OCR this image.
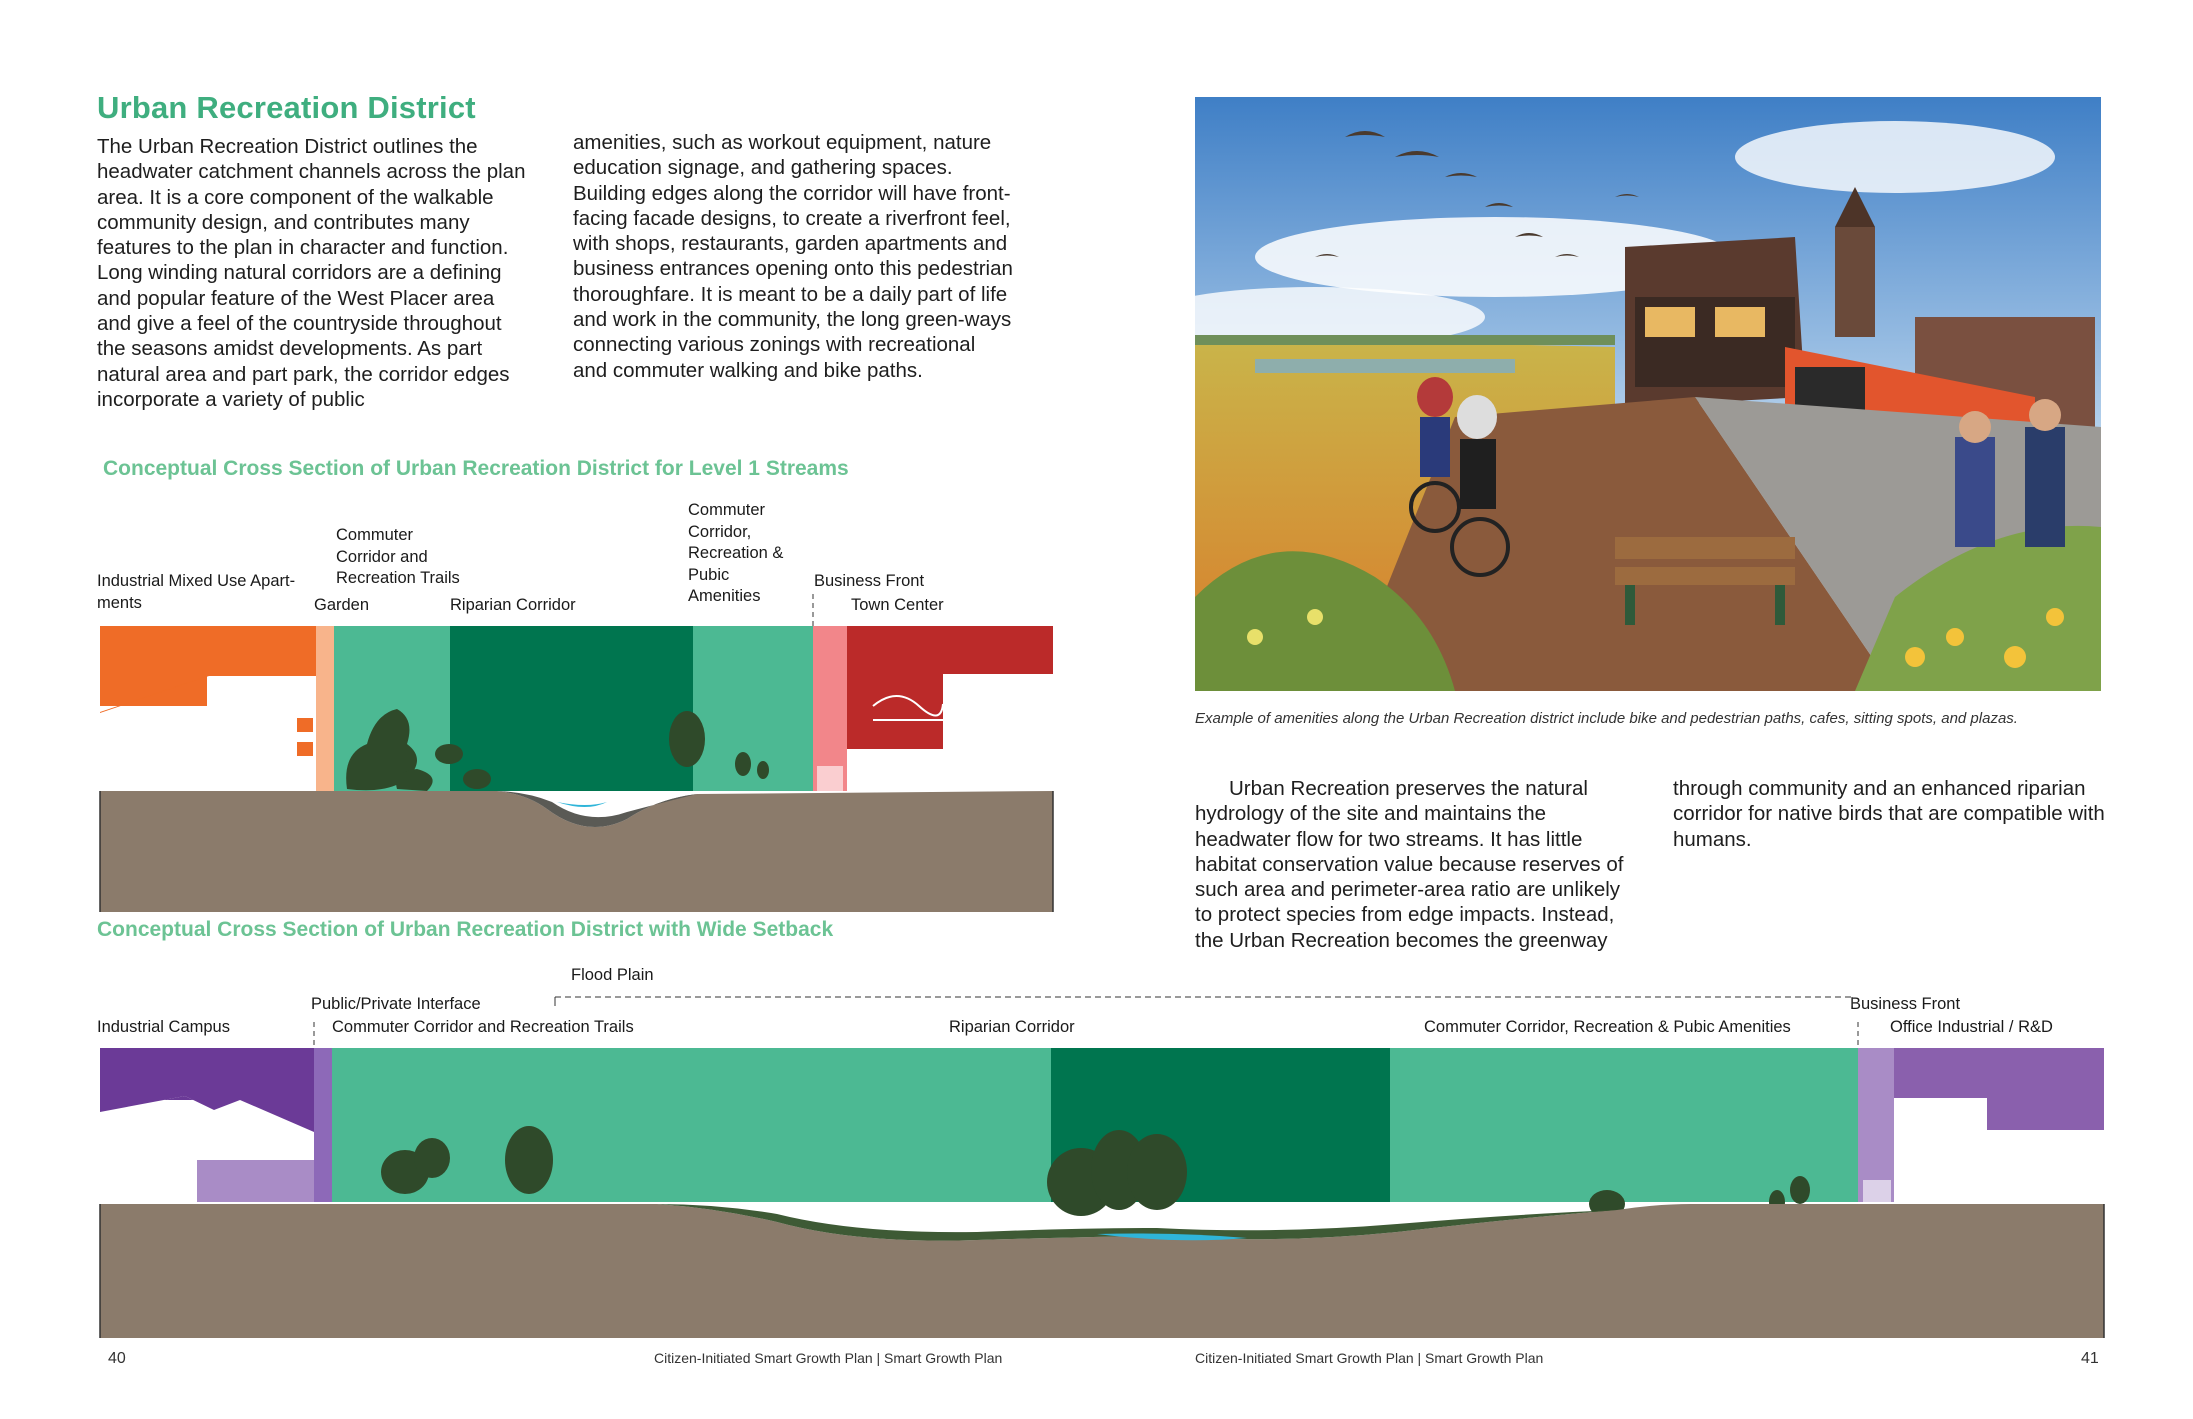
Urban Recreation District
The Urban Recreation District outlines the headwater catchment channels across the plan area. It is a core component of the walkable community design, and contributes many features to the plan in character and function. Long winding natural corridors are a defining and popular feature of the West Placer area and give a feel of the countryside throughout the seasons amidst developments. As part natural area and part park, the corridor edges incorporate a variety of public
amenities, such as workout equipment, nature education signage, and gathering spaces. Building edges along the corridor will have front-facing facade designs, to create a riverfront feel, with shops, restaurants, garden apartments and business entrances opening onto this pedestrian thoroughfare. It is meant to be a daily part of life and work in the community, the long green-ways connecting various zonings with recreational and commuter walking and bike paths.
Conceptual Cross Section of Urban Recreation District for Level 1 Streams
Industrial Mixed Use Apart-ments	Garden
Commuter Corridor and Recreation Trails
Riparian Corridor
Commuter Corridor, Recreation & Pubic Amenities
Business Front
Town Center
Conceptual Cross Section of Urban Recreation District with Wide Setback
Flood Plain
Industrial Campus
Public/Private Interface
Commuter Corridor and Recreation Trails	Riparian Corridor	Commuter Corridor, Recreation & Pubic Amenities
Business Front
Office Industrial / R&D
Example of amenities along the Urban Recreation district include bike and pedestrian paths, cafes, sitting spots, and plazas.
Urban Recreation preserves the natural hydrology of the site and maintains the headwater flow for two streams. It has little habitat conservation value because reserves of such area and perimeter-area ratio are unlikely to protect species from edge impacts. Instead, the Urban Recreation becomes the greenway
through community and an enhanced riparian corridor for native birds that are compatible with humans.
40	Citizen-Initiated Smart Growth Plan | Smart Growth Plan	Citizen-Initiated Smart Growth Plan | Smart Growth Plan	41
